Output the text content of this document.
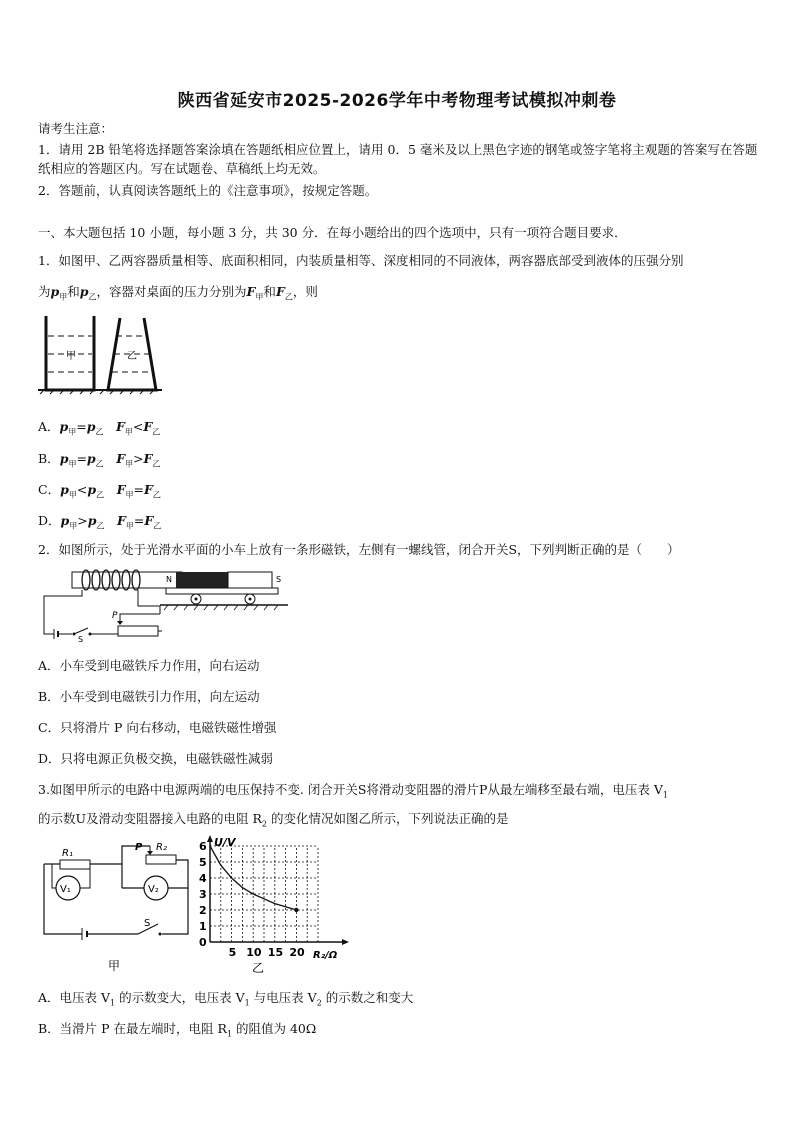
陕西省延安市2025-2026学年中考物理考试模拟冲刺卷
请考生注意：
1．请用 2B 铅笔将选择题答案涂填在答题纸相应位置上，请用 0．5 毫米及以上黑色字迹的钢笔或签字笔将主观题的答案写在答题纸相应的答题区内。写在试题卷、草稿纸上均无效。
2．答题前，认真阅读答题纸上的《注意事项》，按规定答题。
一、本大题包括 10 小题，每小题 3 分，共 30 分．在每小题给出的四个选项中，只有一项符合题目要求．
1．如图甲、乙两容器质量相等、底面积相同，内装质量相等、深度相同的不同液体，两容器底部受到液体的压强分别
为$p_甲$和$p_乙$，容器对桌面的压力分别为$F_甲$和$F_乙$，则
甲	乙
A．$p_甲=p_乙$　 $F_甲<F_乙$
B．$p_甲=p_乙$　 $F_甲>F_乙$
C．$p_甲<p_乙$　 $F_甲=F_乙$
D．$p_甲>p_乙$　 $F_甲=F_乙$
2．如图所示，处于光滑水平面的小车上放有一条形磁铁，左侧有一螺线管，闭合开关S，下列判断正确的是（　　）
S
P
N	S
A．小车受到电磁铁斥力作用，向右运动
B．小车受到电磁铁引力作用，向左运动
C．只将滑片 P 向右移动，电磁铁磁性增强
D．只将电源正负极交换，电磁铁磁性减弱
3.如图甲所示的电路中电源两端的电压保持不变. 闭合开关S将滑动变阻器的滑片P从最左端移至最右端，电压表 $V_1$
的示数U及滑动变阻器接入电路的电阻 $R_2$ 的变化情况如图乙所示，下列说法正确的是
R₁
V₁
P R₂
V₂
S
甲
U/V
R₂/Ω
0
1
2
3
4
5
6
5 10 15 20
乙
A．电压表 $V_1$ 的示数变大，电压表 $V_1$ 与电压表 $V_2$ 的示数之和变大
B．当滑片 P 在最左端时，电阻 $R_1$ 的阻值为 40Ω
